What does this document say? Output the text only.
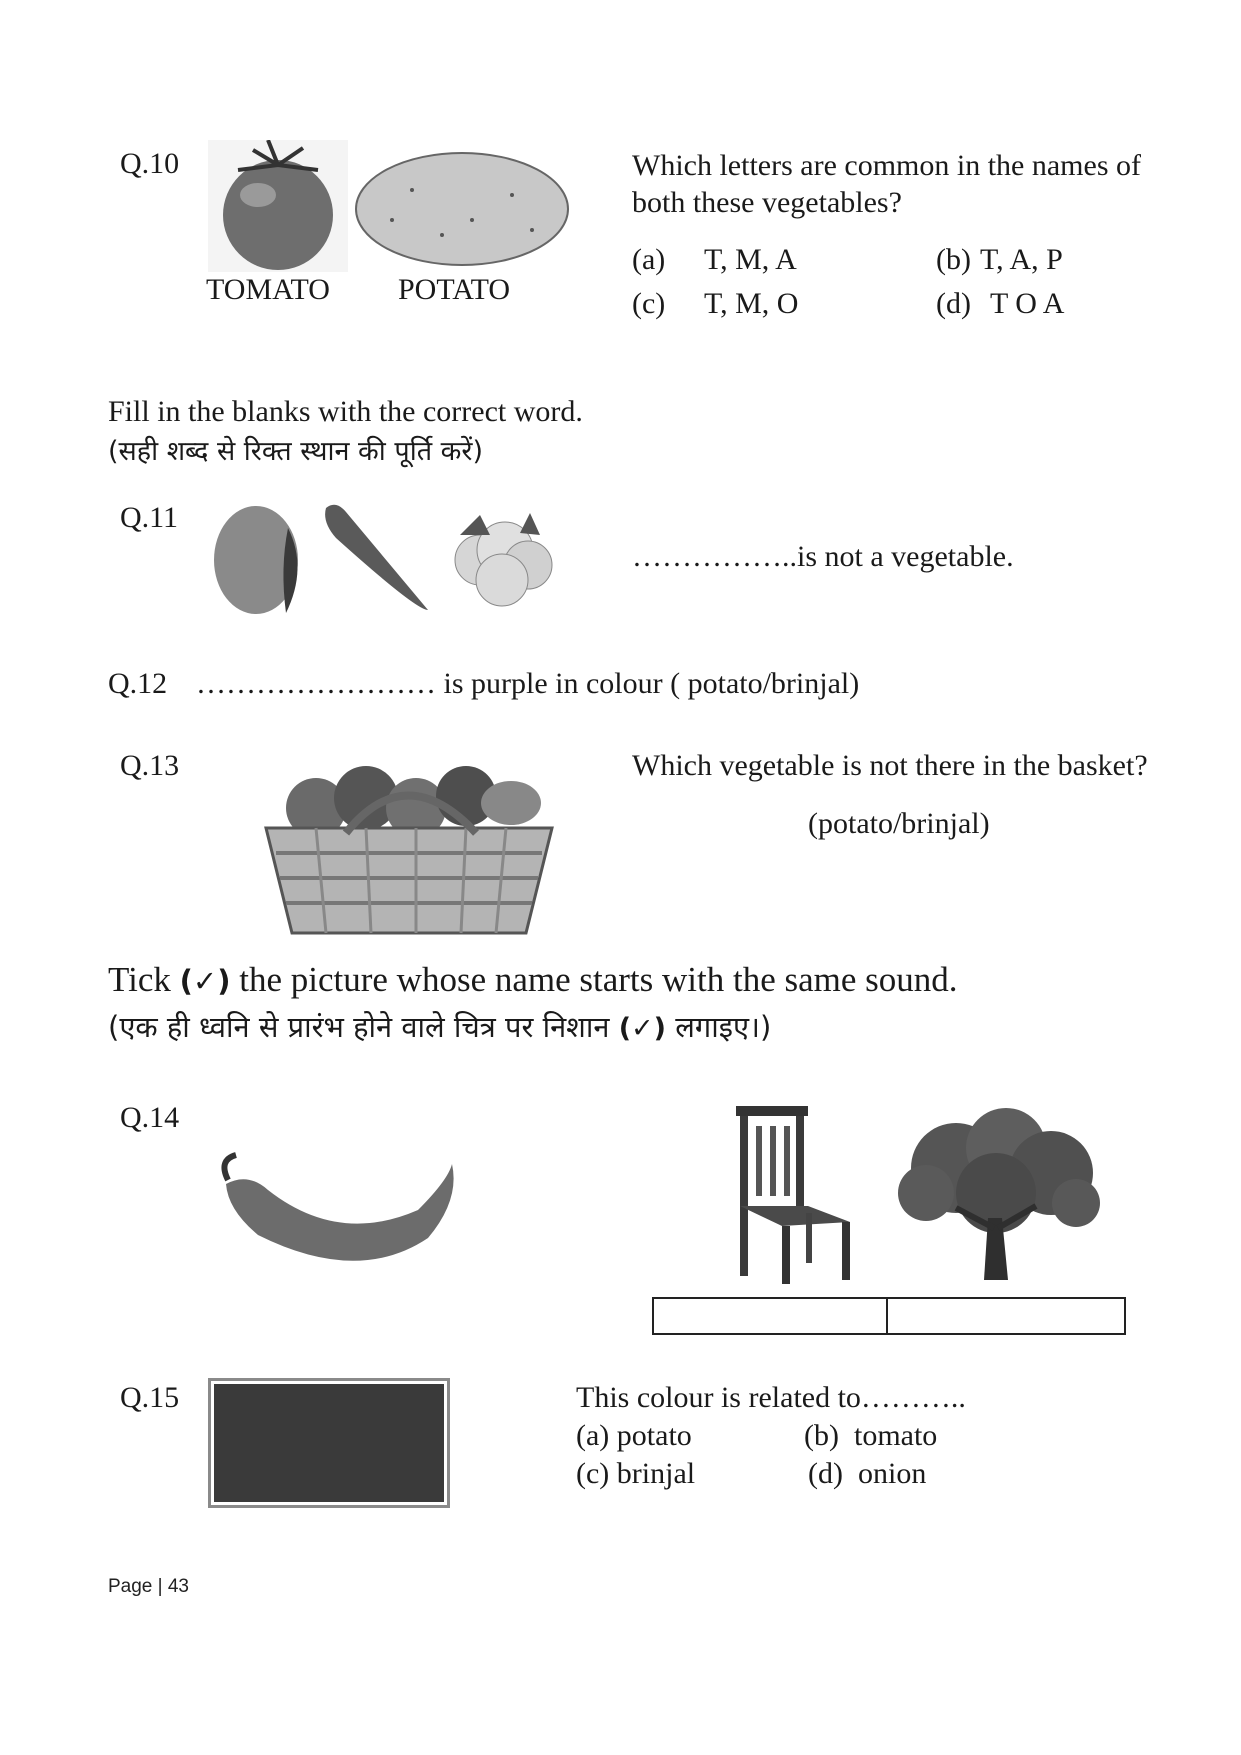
Q.10
TOMATO POTATO
Which letters are common in the names of
both these vegetables?
(a) T, M, A	(b) T, A, P
(c) T, M, O	(d) T O A
Fill in the blanks with the correct word.
(सही शब्द से रिक्त स्थान की पूर्ति करें)
Q.11
……………..is not a vegetable.
Q.12 …………………… is purple in colour ( potato/brinjal)
Q.13	Which vegetable is not there in the basket?
(potato/brinjal)
Tick (✓) the picture whose name starts with the same sound.
(एक ही ध्वनि से प्रारंभ होने वाले चित्र पर निशान (✓) लगाइए।)
Q.14
Q.15	This colour is related to………..
(a) potato	(b) tomato
(c) brinjal	(d) onion
Page | 43
